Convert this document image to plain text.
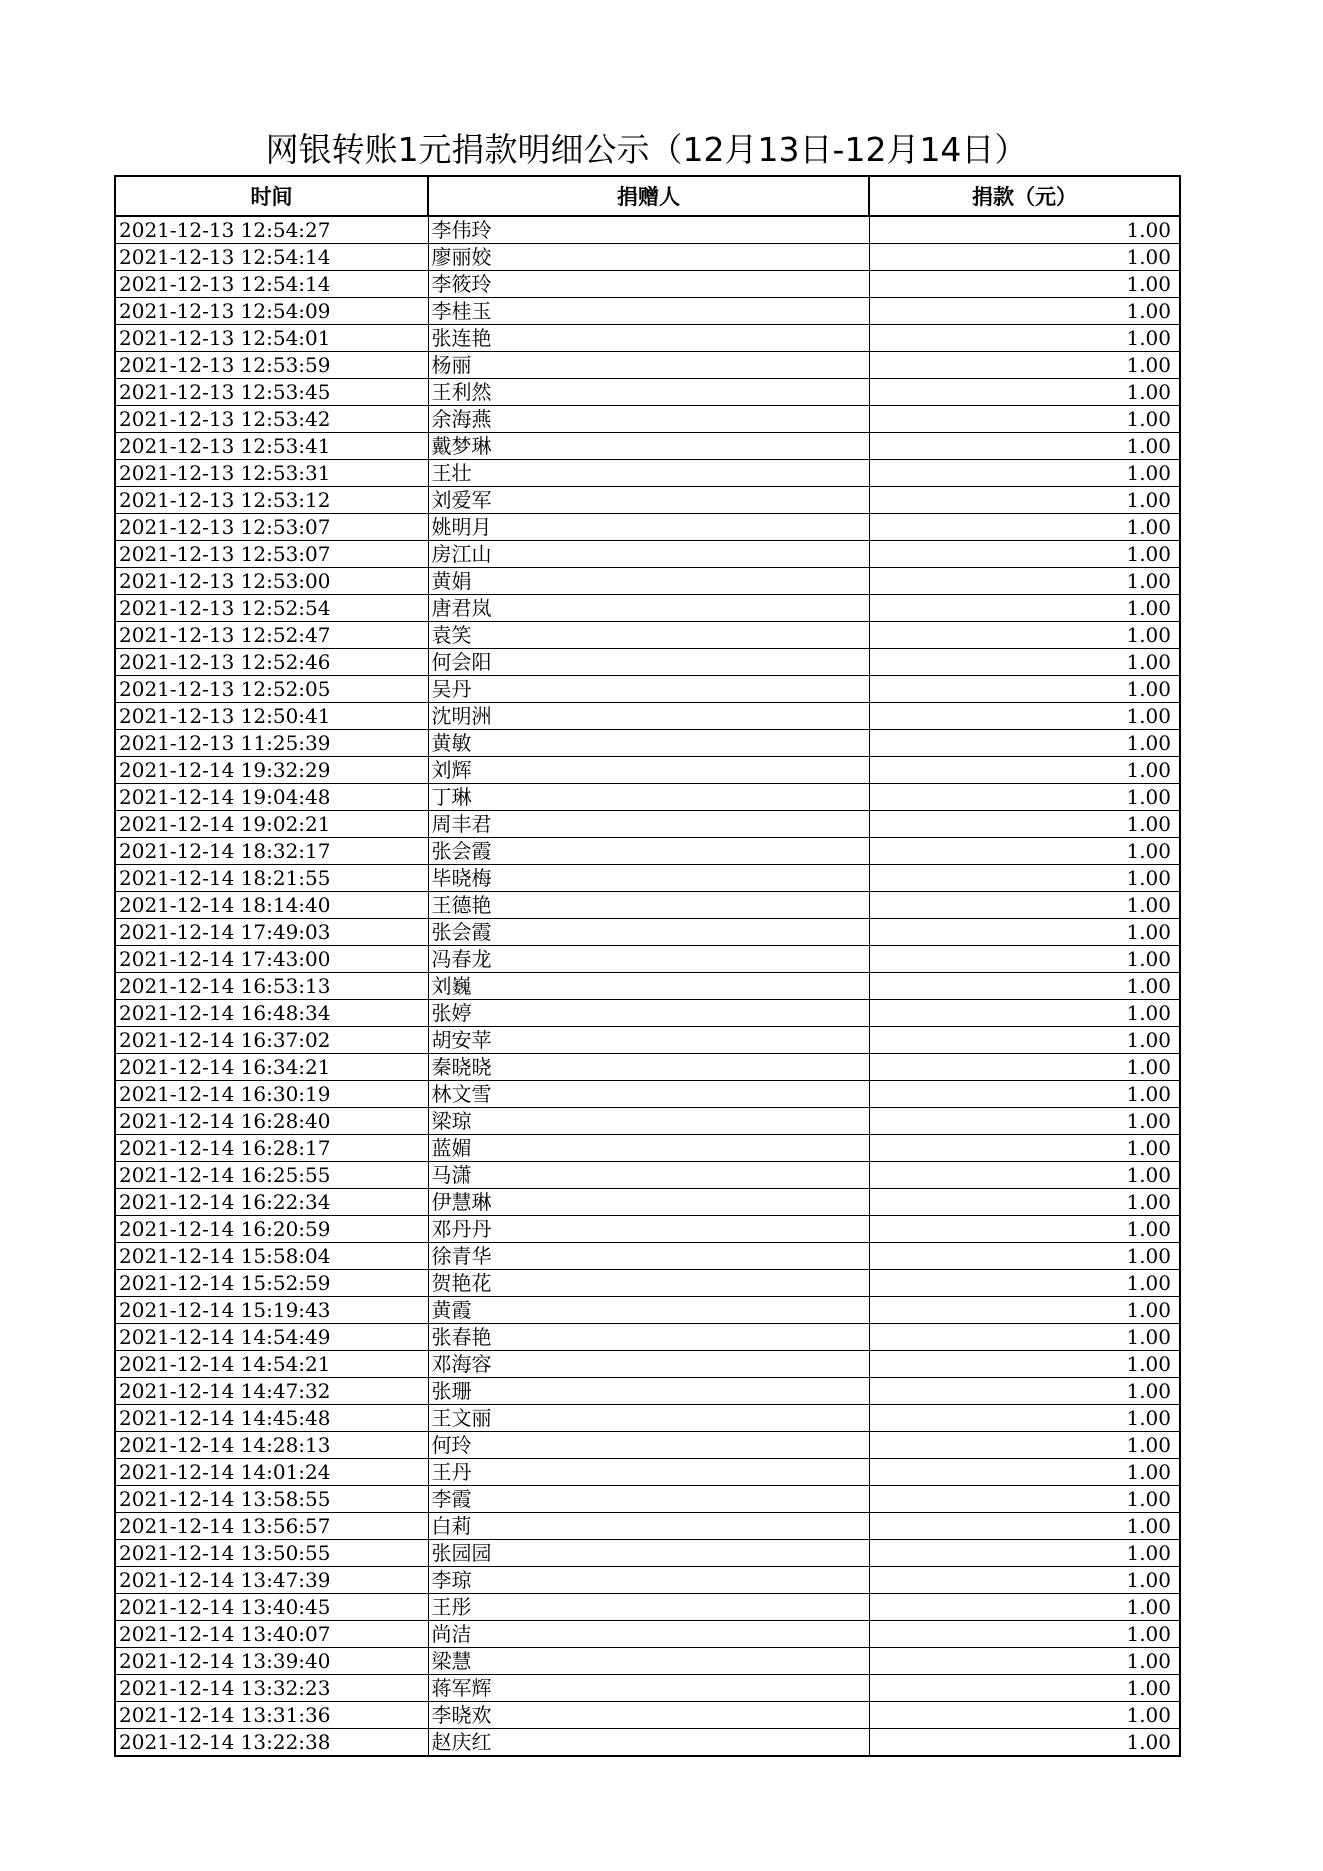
网银转账1元捐款明细公示（12月13日-12月14日）
时间	捐赠人	捐款（元）
2021-12-13 12:54:27	李伟玲	1.00
2021-12-13 12:54:14	廖丽姣	1.00
2021-12-13 12:54:14	李筱玲	1.00
2021-12-13 12:54:09	李桂玉	1.00
2021-12-13 12:54:01	张连艳	1.00
2021-12-13 12:53:59	杨丽	1.00
2021-12-13 12:53:45	王利然	1.00
2021-12-13 12:53:42	余海燕	1.00
2021-12-13 12:53:41	戴梦琳	1.00
2021-12-13 12:53:31	王壮	1.00
2021-12-13 12:53:12	刘爱军	1.00
2021-12-13 12:53:07	姚明月	1.00
2021-12-13 12:53:07	房江山	1.00
2021-12-13 12:53:00	黄娟	1.00
2021-12-13 12:52:54	唐君岚	1.00
2021-12-13 12:52:47	袁笑	1.00
2021-12-13 12:52:46	何会阳	1.00
2021-12-13 12:52:05	吴丹	1.00
2021-12-13 12:50:41	沈明洲	1.00
2021-12-13 11:25:39	黄敏	1.00
2021-12-14 19:32:29	刘辉	1.00
2021-12-14 19:04:48	丁琳	1.00
2021-12-14 19:02:21	周丰君	1.00
2021-12-14 18:32:17	张会霞	1.00
2021-12-14 18:21:55	毕晓梅	1.00
2021-12-14 18:14:40	王德艳	1.00
2021-12-14 17:49:03	张会霞	1.00
2021-12-14 17:43:00	冯春龙	1.00
2021-12-14 16:53:13	刘巍	1.00
2021-12-14 16:48:34	张婷	1.00
2021-12-14 16:37:02	胡安苹	1.00
2021-12-14 16:34:21	秦晓晓	1.00
2021-12-14 16:30:19	林文雪	1.00
2021-12-14 16:28:40	梁琼	1.00
2021-12-14 16:28:17	蓝媚	1.00
2021-12-14 16:25:55	马潇	1.00
2021-12-14 16:22:34	伊慧琳	1.00
2021-12-14 16:20:59	邓丹丹	1.00
2021-12-14 15:58:04	徐青华	1.00
2021-12-14 15:52:59	贺艳花	1.00
2021-12-14 15:19:43	黄霞	1.00
2021-12-14 14:54:49	张春艳	1.00
2021-12-14 14:54:21	邓海容	1.00
2021-12-14 14:47:32	张珊	1.00
2021-12-14 14:45:48	王文丽	1.00
2021-12-14 14:28:13	何玲	1.00
2021-12-14 14:01:24	王丹	1.00
2021-12-14 13:58:55	李霞	1.00
2021-12-14 13:56:57	白莉	1.00
2021-12-14 13:50:55	张园园	1.00
2021-12-14 13:47:39	李琼	1.00
2021-12-14 13:40:45	王彤	1.00
2021-12-14 13:40:07	尚洁	1.00
2021-12-14 13:39:40	梁慧	1.00
2021-12-14 13:32:23	蒋军辉	1.00
2021-12-14 13:31:36	李晓欢	1.00
2021-12-14 13:22:38	赵庆红	1.00
